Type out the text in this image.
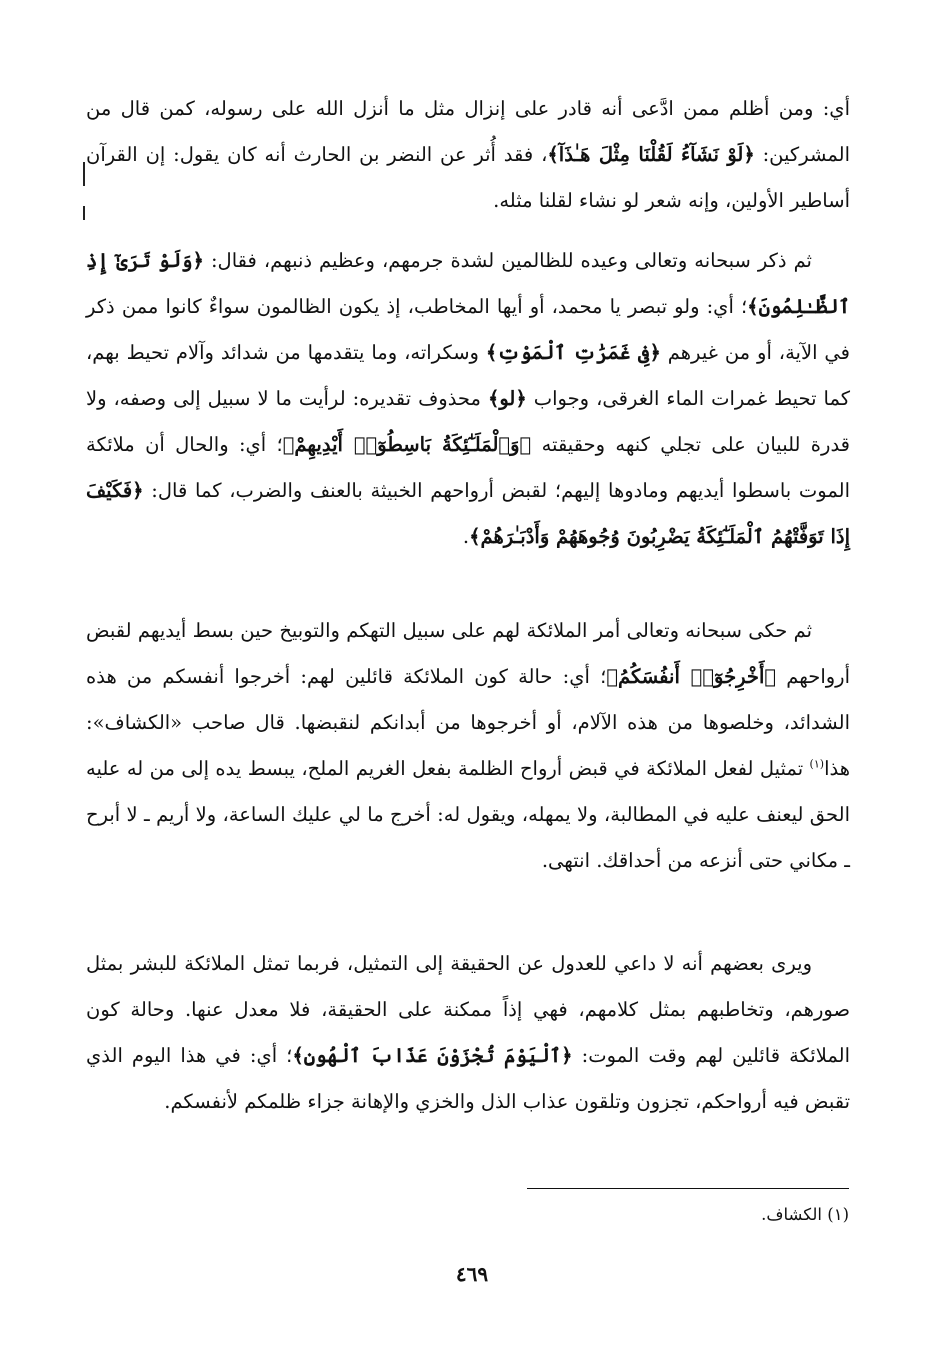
أي: ومن أظلم ممن ادَّعى أنه قادر على إنزال مثل ما أنزل الله على رسوله، كمن قال من المشركين: ﴿لَوْ نَشَآءُ لَقُلْنَا مِثْلَ هَـٰذَآ﴾، فقد أُثر عن النضر بن الحارث أنه كان يقول: إن القرآن أساطير الأولين، وإنه شعر لو نشاء لقلنا مثله.

ثم ذكر سبحانه وتعالى وعيده للظالمين لشدة جرمهم، وعظيم ذنبهم، فقال: ﴿وَلَوْ تَرَىٰٓ إِذِ ٱلظَّـٰلِمُونَ﴾؛ أي: ولو تبصر يا محمد، أو أيها المخاطب، إذ يكون الظالمون سواءٌ كانوا ممن ذكر في الآية، أو من غيرهم ﴿فِى غَمَرَٰتِ ٱلْمَوْتِ﴾ وسكراته، وما يتقدمها من شدائد وآلام تحيط بهم، كما تحيط غمرات الماء الغرقى، وجواب ﴿لو﴾ محذوف تقديره: لرأيت ما لا سبيل إلى وصفه، ولا قدرة للبيان على تجلي كنهه وحقيقته ﴿وَٱلْمَلَـٰٓئِكَةُ بَاسِطُوٓا۟ أَيْدِيهِمْ﴾؛ أي: والحال أن ملائكة الموت باسطوا أيديهم ومادوها إليهم؛ لقبض أرواحهم الخبيثة بالعنف والضرب، كما قال: ﴿فَكَيْفَ إِذَا تَوَفَّتْهُمُ ٱلْمَلَـٰٓئِكَةُ يَضْرِبُونَ وُجُوهَهُمْ وَأَدْبَـٰرَهُمْ﴾.

ثم حكى سبحانه وتعالى أمر الملائكة لهم على سبيل التهكم والتوبيخ حين بسط أيديهم لقبض أرواحهم ﴿أَخْرِجُوٓا۟ أَنفُسَكُمُ﴾؛ أي: حالة كون الملائكة قائلين لهم: أخرجوا أنفسكم من هذه الشدائد، وخلصوها من هذه الآلام، أو أخرجوها من أبدانكم لنقبضها. قال صاحب «الكشاف»: هذا$^{(١)}$ تمثيل لفعل الملائكة في قبض أرواح الظلمة بفعل الغريم الملح، يبسط يده إلى من له عليه الحق ليعنف عليه في المطالبة، ولا يمهله، ويقول له: أخرج ما لي عليك الساعة، ولا أريم ـ لا أبرح ـ مكاني حتى أنزعه من أحداقك. انتهى.

ويرى بعضهم أنه لا داعي للعدول عن الحقيقة إلى التمثيل، فربما تمثل الملائكة للبشر بمثل صورهم، وتخاطبهم بمثل كلامهم، فهي إذاً ممكنة على الحقيقة، فلا معدل عنها. وحالة كون الملائكة قائلين لهم وقت الموت: ﴿ٱلْيَوْمَ تُجْزَوْنَ عَذَابَ ٱلْهُونِ﴾؛ أي: في هذا اليوم الذي تقبض فيه أرواحكم، تجزون وتلقون عذاب الذل والخزي والإهانة جزاء ظلمكم لأنفسكم.

(١) الكشاف.
٤٦٩
